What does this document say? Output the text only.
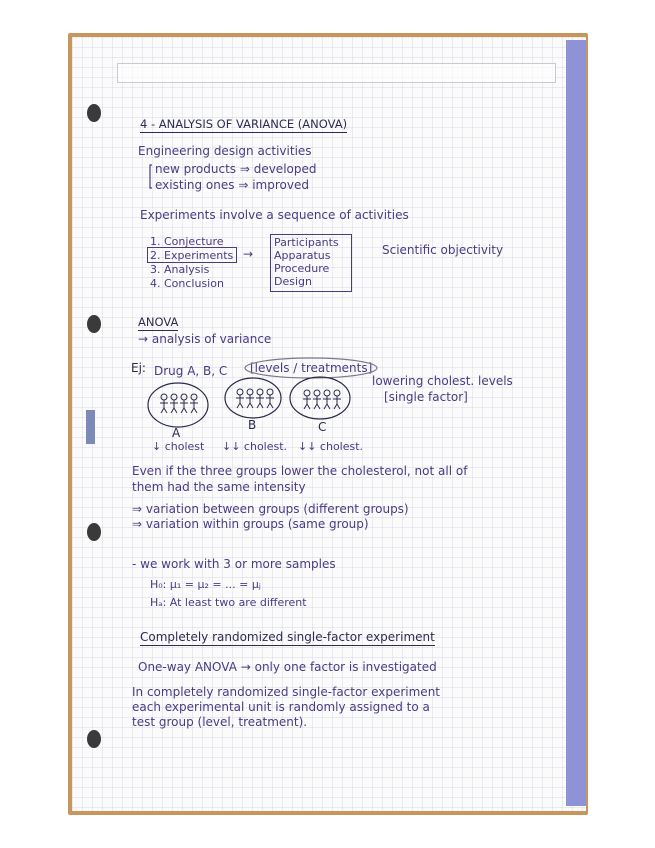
4 - ANALYSIS OF VARIANCE (ANOVA)

Engineering design activities

new products ⇒ developed

existing ones ⇒ improved

Experiments involve a sequence of activities

1. Conjecture

2. Experiments

3. Analysis

4. Conclusion

→

Participants

Apparatus

Procedure

Design

Scientific objectivity

ANOVA

→ analysis of variance

Ej: Drug A, B, C [levels / treatments]

lowering cholest. levels

[single factor]

A

B	C

↓ cholest ↓↓ cholest. ↓↓ cholest.

Even if the three groups lower the cholesterol, not all of

them had the same intensity

⇒ variation between groups (different groups)

⇒ variation within groups (same group)

- we work with 3 or more samples

H₀: μ₁ = μ₂ = ... = μⱼ

Hₐ: At least two are different

Completely randomized single-factor experiment

One-way ANOVA → only one factor is investigated

In completely randomized single-factor experiment

each experimental unit is randomly assigned to a

test group (level, treatment).
